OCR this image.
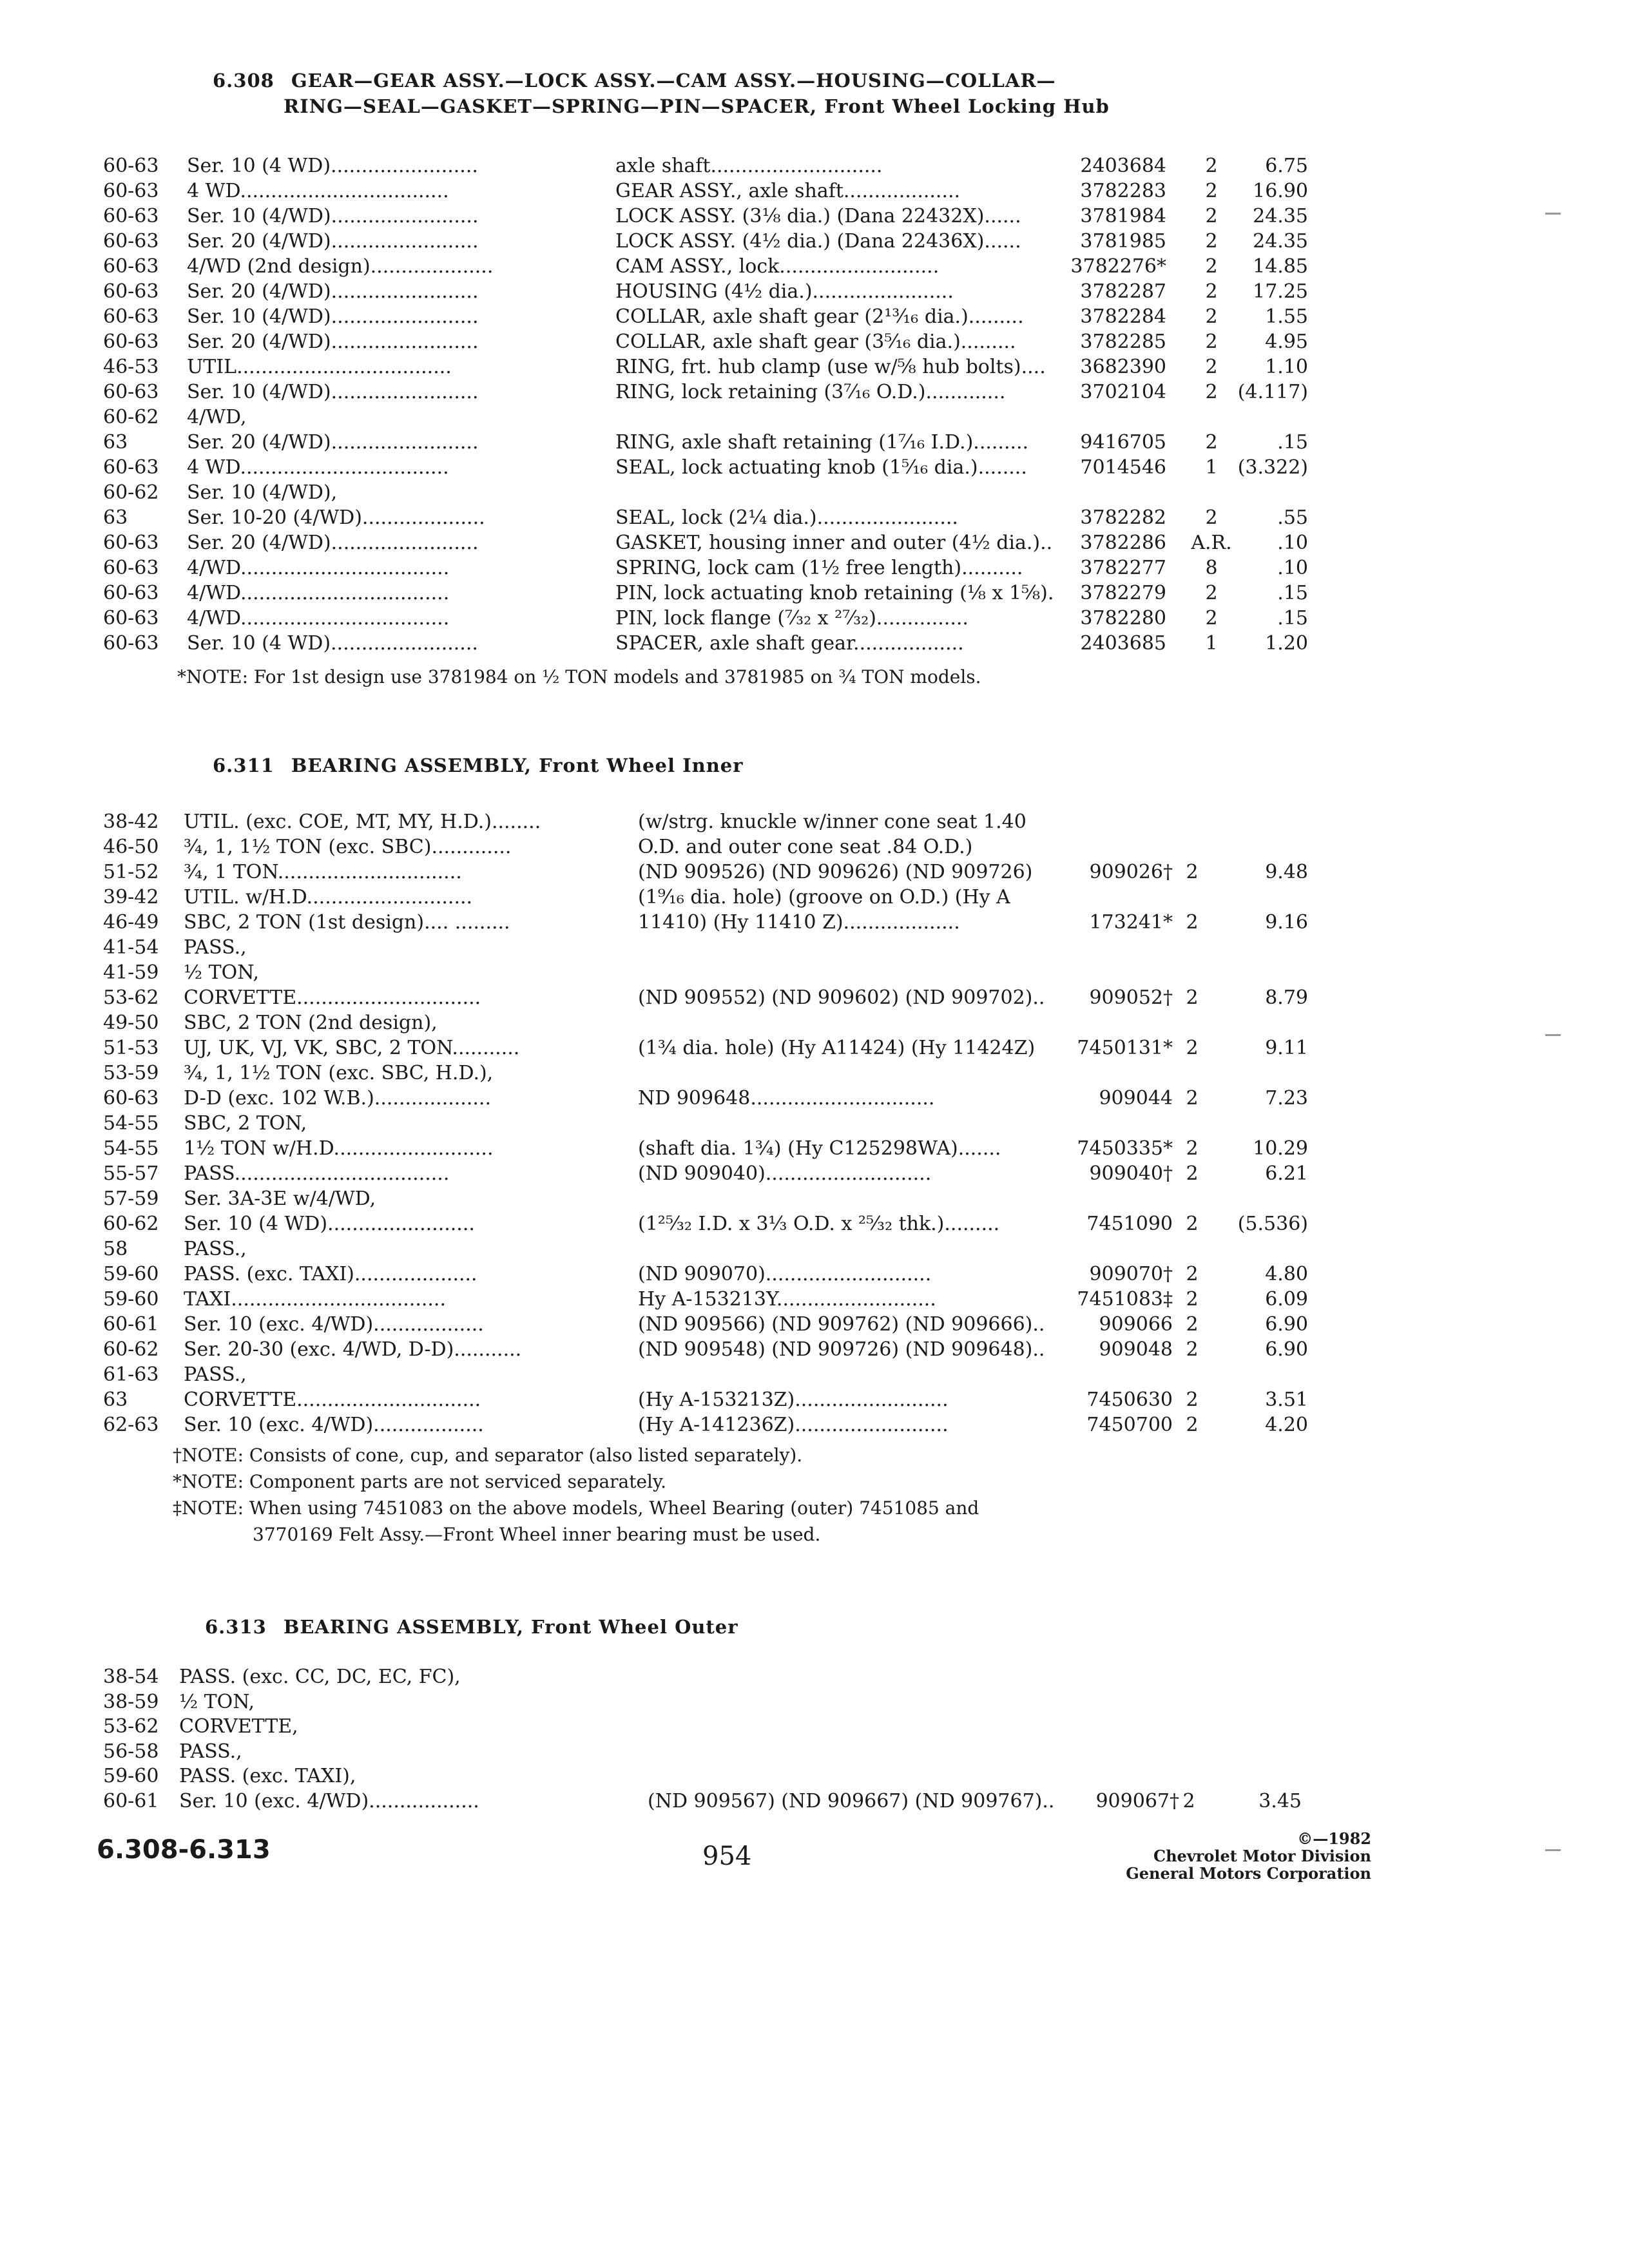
6.308 GEAR—GEAR ASSY.—LOCK ASSY.—CAM ASSY.—HOUSING—COLLAR—
RING—SEAL—GASKET—SPRING—PIN—SPACER, Front Wheel Locking Hub
6.311 BEARING ASSEMBLY, Front Wheel Inner
6.313 BEARING ASSEMBLY, Front Wheel Outer
60-63	Ser. 10 (4 WD)........................	axle shaft............................	2403684	2	6.75
60-63	4 WD..................................	GEAR ASSY., axle shaft...................	3782283	2	16.90
60-63	Ser. 10 (4/WD)........................	LOCK ASSY. (3⅛ dia.) (Dana 22432X)......	3781984	2	24.35
60-63	Ser. 20 (4/WD)........................	LOCK ASSY. (4½ dia.) (Dana 22436X)......	3781985	2	24.35
60-63	4/WD (2nd design)....................	CAM ASSY., lock..........................	3782276*	2	14.85
60-63	Ser. 20 (4/WD)........................	HOUSING (4½ dia.).......................	3782287	2	17.25
60-63	Ser. 10 (4/WD)........................	COLLAR, axle shaft gear (2¹³⁄₁₆ dia.).........	3782284	2	1.55
60-63	Ser. 20 (4/WD)........................	COLLAR, axle shaft gear (3⁵⁄₁₆ dia.).........	3782285	2	4.95
46-53	UTIL...................................	RING, frt. hub clamp (use w/⅝ hub bolts)....	3682390	2	1.10
60-63	Ser. 10 (4/WD)........................	RING, lock retaining (3⁷⁄₁₆ O.D.).............	3702104	2	(4.117)
60-62	4/WD,
63	Ser. 20 (4/WD)........................	RING, axle shaft retaining (1⁷⁄₁₆ I.D.).........	9416705	2	.15
60-63	4 WD..................................	SEAL, lock actuating knob (1⁵⁄₁₆ dia.)........	7014546	1	(3.322)
60-62	Ser. 10 (4/WD),
63	Ser. 10-20 (4/WD)....................	SEAL, lock (2¼ dia.).......................	3782282	2	.55
60-63	Ser. 20 (4/WD)........................	GASKET, housing inner and outer (4½ dia.)..	3782286 A.R.	.10
60-63	4/WD..................................	SPRING, lock cam (1½ free length)..........	3782277	8	.10
60-63	4/WD..................................	PIN, lock actuating knob retaining (⅛ x 1⅝).	3782279	2	.15
60-63	4/WD..................................	PIN, lock flange (⁷⁄₃₂ x ²⁷⁄₃₂)...............	3782280	2	.15
60-63	Ser. 10 (4 WD)........................	SPACER, axle shaft gear..................	2403685	1	1.20
38-42	UTIL. (exc. COE, MT, MY, H.D.)........	(w/strg. knuckle w/inner cone seat 1.40
46-50	¾, 1, 1½ TON (exc. SBC).............	O.D. and outer cone seat .84 O.D.)
51-52	¾, 1 TON..............................	(ND 909526) (ND 909626) (ND 909726)	909026† 2	9.48
39-42	UTIL. w/H.D...........................	(1⁹⁄₁₆ dia. hole) (groove on O.D.) (Hy A
46-49	SBC, 2 TON (1st design).... .........	11410) (Hy 11410 Z)...................	173241* 2	9.16
41-54	PASS.,
41-59	½ TON,
53-62	CORVETTE..............................	(ND 909552) (ND 909602) (ND 909702)..	909052† 2	8.79
49-50	SBC, 2 TON (2nd design),
51-53	UJ, UK, VJ, VK, SBC, 2 TON...........	(1¾ dia. hole) (Hy A11424) (Hy 11424Z)	7450131* 2	9.11
53-59	¾, 1, 1½ TON (exc. SBC, H.D.),
60-63	D-D (exc. 102 W.B.)...................	ND 909648..............................	909044 2	7.23
54-55	SBC, 2 TON,
54-55	1½ TON w/H.D..........................	(shaft dia. 1¾) (Hy C125298WA).......	7450335* 2	10.29
55-57	PASS...................................	(ND 909040)...........................	909040† 2	6.21
57-59	Ser. 3A-3E w/4/WD,
60-62	Ser. 10 (4 WD)........................	(1²⁵⁄₃₂ I.D. x 3⅓ O.D. x ²⁵⁄₃₂ thk.).........	7451090 2	(5.536)
58	PASS.,
59-60	PASS. (exc. TAXI)....................	(ND 909070)...........................	909070† 2	4.80
59-60	TAXI...................................	Hy A-153213Y..........................	7451083‡ 2	6.09
60-61	Ser. 10 (exc. 4/WD)..................	(ND 909566) (ND 909762) (ND 909666)..	909066 2	6.90
60-62	Ser. 20-30 (exc. 4/WD, D-D)...........	(ND 909548) (ND 909726) (ND 909648)..	909048 2	6.90
61-63	PASS.,
63	CORVETTE..............................	(Hy A-153213Z).........................	7450630 2	3.51
62-63	Ser. 10 (exc. 4/WD)..................	(Hy A-141236Z).........................	7450700 2	4.20
38-54	PASS. (exc. CC, DC, EC, FC),
38-59	½ TON,
53-62	CORVETTE,
56-58	PASS.,
59-60	PASS. (exc. TAXI),
60-61	Ser. 10 (exc. 4/WD)..................	(ND 909567) (ND 909667) (ND 909767)..	909067† 2	3.45
*NOTE: For 1st design use 3781984 on ½ TON models and 3781985 on ¾ TON models.
†NOTE: Consists of cone, cup, and separator (also listed separately).
*NOTE: Component parts are not serviced separately.
‡NOTE: When using 7451083 on the above models, Wheel Bearing (outer) 7451085 and
3770169 Felt Assy.—Front Wheel inner bearing must be used.
6.308-6.313	954
©—1982
Chevrolet Motor Division
General Motors Corporation
